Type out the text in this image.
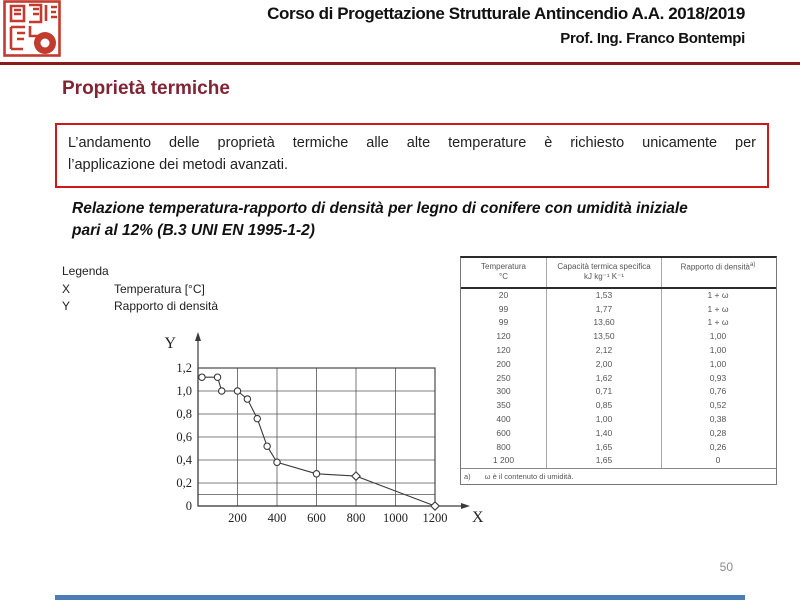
Corso di Progettazione Strutturale Antincendio A.A. 2018/2019
Prof. Ing. Franco Bontempi
Proprietà termiche
L’andamento delle proprietà termiche alle alte temperature è richiesto unicamente per
l’applicazione dei metodi avanzati.

Relazione temperatura-rapporto di densità per legno di conifere con umidità iniziale
pari al 12% (B.3 UNI EN 1995-1-2)

Legenda
X	Temperatura [°C]
Y	Rapporto di densità
0
0,2
0,4
0,6
0,8
1,0
1,2
200 400 600 800 1000 1200
Y
X
Temperatura
°C
Capacità termica specifica
kJ kg⁻¹ K⁻¹
Rapporto di densità$^{a)}$
20	1,53	1 + ω
99	1,77	1 + ω
99	13,60	1 + ω
120	13,50	1,00
120	2,12	1,00
200	2,00	1,00
250	1,62	0,93
300	0,71	0,76
350	0,85	0,52
400	1,00	0,38
600	1,40	0,28
800	1,65	0,26
1 200	1,65	0
a) ω è il contenuto di umidità.
50
